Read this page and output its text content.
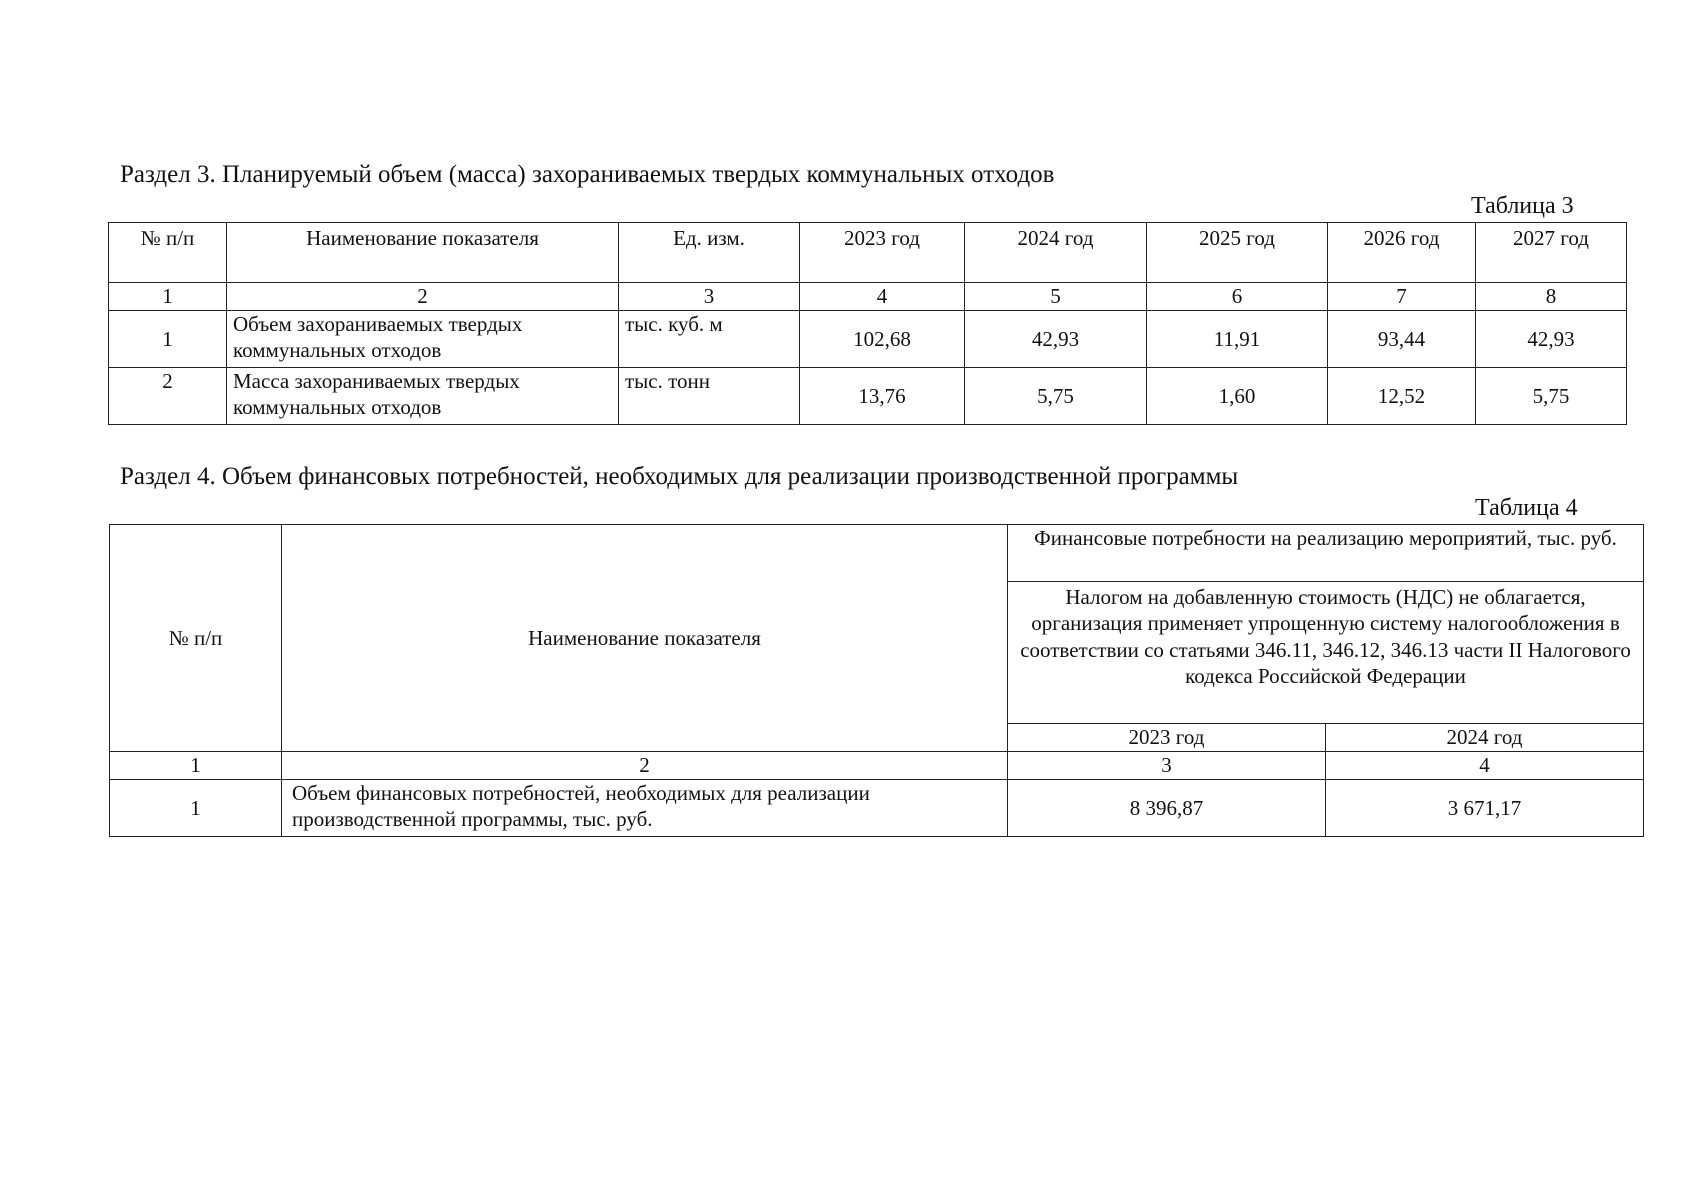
Раздел 3. Планируемый объем (масса) захораниваемых твердых коммунальных отходов
Таблица 3
№ п/п	Наименование показателя	Ед. изм.	2023 год	2024 год	2025 год	2026 год	2027 год
1	2	3	4	5	6	7	8
1	Объем захораниваемых твердых коммунальных отходов	тыс. куб. м	102,68	42,93	11,91	93,44	42,93
2	Масса захораниваемых твердых коммунальных отходов	тыс. тонн	13,76	5,75	1,60	12,52	5,75
Раздел 4. Объем финансовых потребностей, необходимых для реализации производственной программы
Таблица 4
№ п/п	Наименование показателя	Финансовые потребности на реализацию мероприятий, тыс. руб.	
		Налогом на добавленную стоимость (НДС) не облагается, организация применяет упрощенную систему налогообложения в соответствии со статьями 346.11, 346.12, 346.13 части II Налогового кодекса Российской Федерации	
		2023 год	2024 год
1	2	3	4
1	Объем финансовых потребностей, необходимых для реализации производственной программы, тыс. руб.	8 396,87	3 671,17
